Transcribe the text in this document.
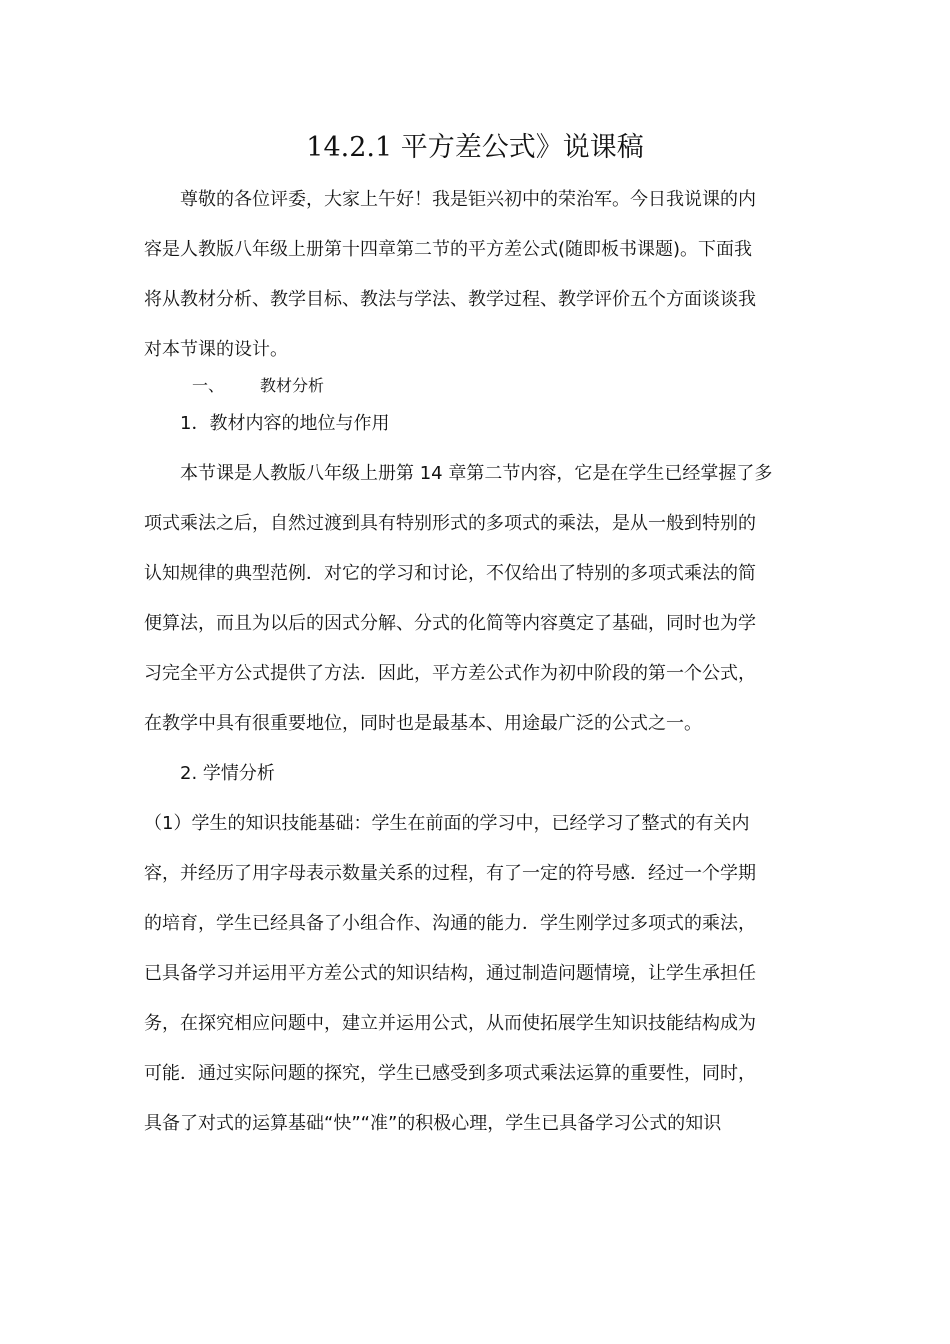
14.2.1 平方差公式》说课稿
尊敬的各位评委，大家上午好！我是钜兴初中的荣治军。今日我说课的内
容是人教版八年级上册第十四章第二节的平方差公式(随即板书课题)。下面我
将从教材分析、教学目标、教法与学法、教学过程、教学评价五个方面谈谈我
对本节课的设计。
一、 教材分析
1．教材内容的地位与作用
本节课是人教版八年级上册第 14 章第二节内容，它是在学生已经掌握了多
项式乘法之后，自然过渡到具有特别形式的多项式的乘法，是从一般到特别的
认知规律的典型范例．对它的学习和讨论，不仅给出了特别的多项式乘法的简
便算法，而且为以后的因式分解、分式的化简等内容奠定了基础，同时也为学
习完全平方公式提供了方法．因此，平方差公式作为初中阶段的第一个公式，
在教学中具有很重要地位，同时也是最基本、用途最广泛的公式之一。
2. 学情分析
（1）学生的知识技能基础：学生在前面的学习中，已经学习了整式的有关内
容，并经历了用字母表示数量关系的过程，有了一定的符号感．经过一个学期
的培育，学生已经具备了小组合作、沟通的能力．学生刚学过多项式的乘法，
已具备学习并运用平方差公式的知识结构，通过制造问题情境，让学生承担任
务，在探究相应问题中，建立并运用公式，从而使拓展学生知识技能结构成为
可能．通过实际问题的探究，学生已感受到多项式乘法运算的重要性，同时，
具备了对式的运算基础“快”“准”的积极心理，学生已具备学习公式的知识
